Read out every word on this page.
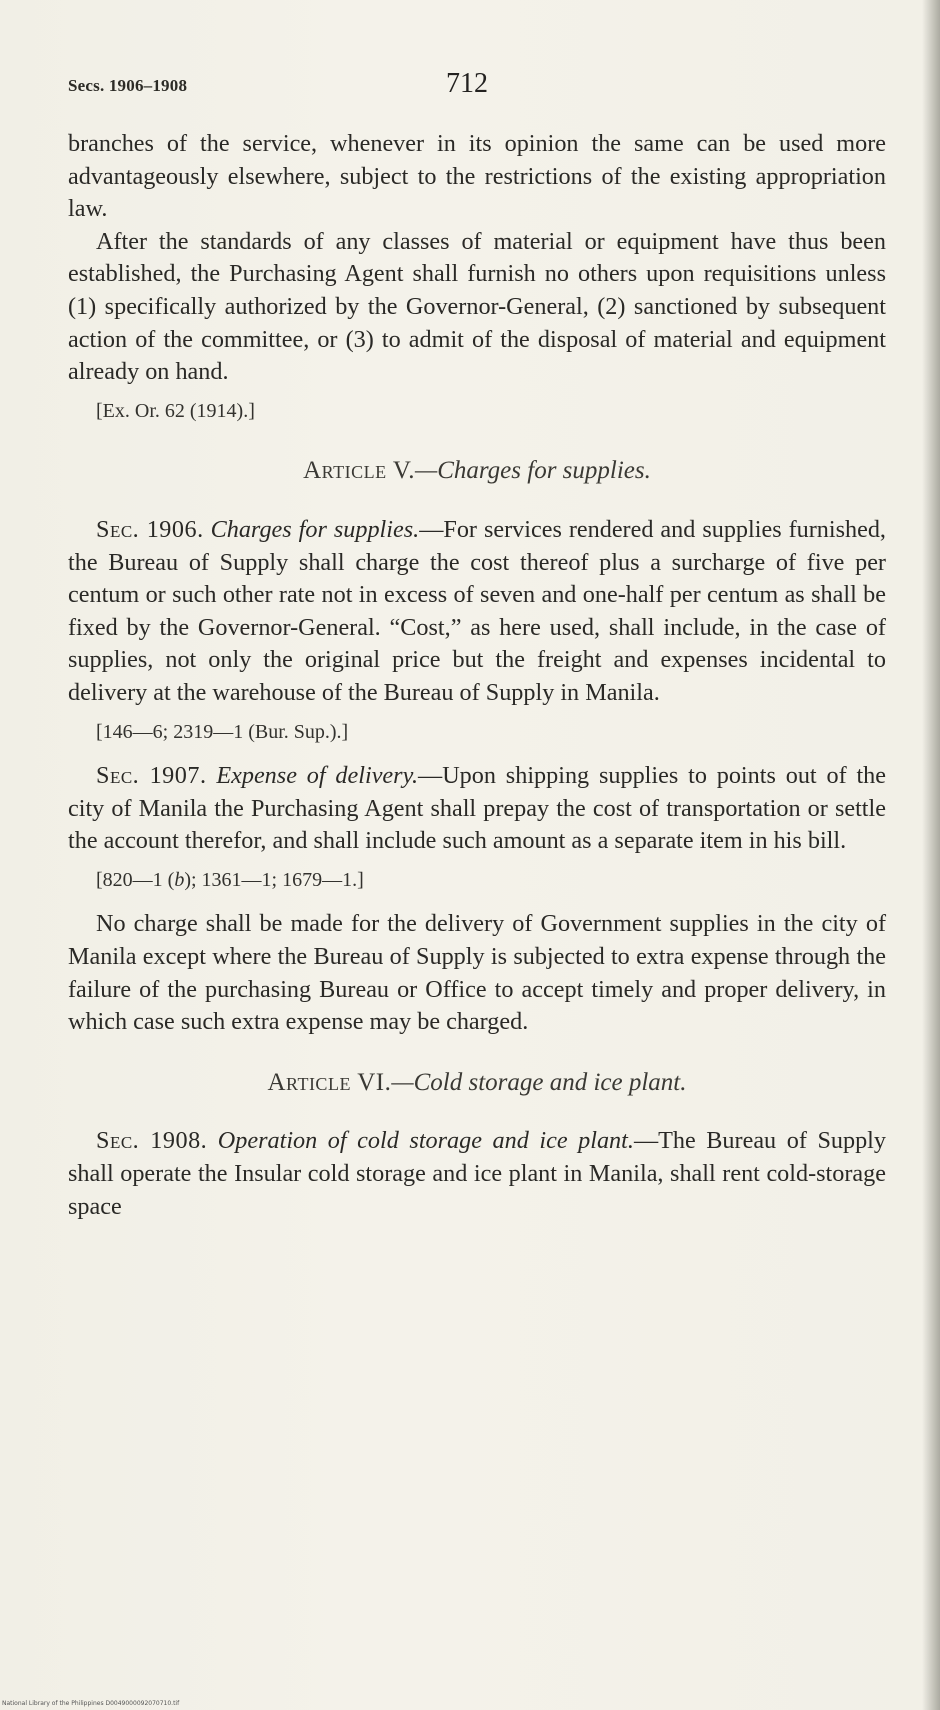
Secs. 1906–1908	712

branches of the service, whenever in its opinion the same can be used more advantageously elsewhere, subject to the restrictions of the existing appropriation law.

After the standards of any classes of material or equipment have thus been established, the Purchasing Agent shall furnish no others upon requisitions unless (1) specifically authorized by the Governor-General, (2) sanctioned by subsequent action of the committee, or (3) to admit of the disposal of material and equipment already on hand.

[Ex. Or. 62 (1914).]

Article V.—Charges for supplies.

Sec. 1906. Charges for supplies.—For services rendered and supplies furnished, the Bureau of Supply shall charge the cost thereof plus a surcharge of five per centum or such other rate not in excess of seven and one-half per centum as shall be fixed by the Governor-General. “Cost,” as here used, shall include, in the case of supplies, not only the original price but the freight and expenses incidental to delivery at the warehouse of the Bureau of Supply in Manila.

[146—6; 2319—1 (Bur. Sup.).]

Sec. 1907. Expense of delivery.—Upon shipping supplies to points out of the city of Manila the Purchasing Agent shall prepay the cost of transportation or settle the account therefor, and shall include such amount as a separate item in his bill.

[820—1 (b); 1361—1; 1679—1.]

No charge shall be made for the delivery of Government supplies in the city of Manila except where the Bureau of Supply is subjected to extra expense through the failure of the purchasing Bureau or Office to accept timely and proper delivery, in which case such extra expense may be charged.

Article VI.—Cold storage and ice plant.

Sec. 1908. Operation of cold storage and ice plant.—The Bureau of Supply shall operate the Insular cold storage and ice plant in Manila, shall rent cold-storage space

National Library of the Philippines D0049000092070710.tif
